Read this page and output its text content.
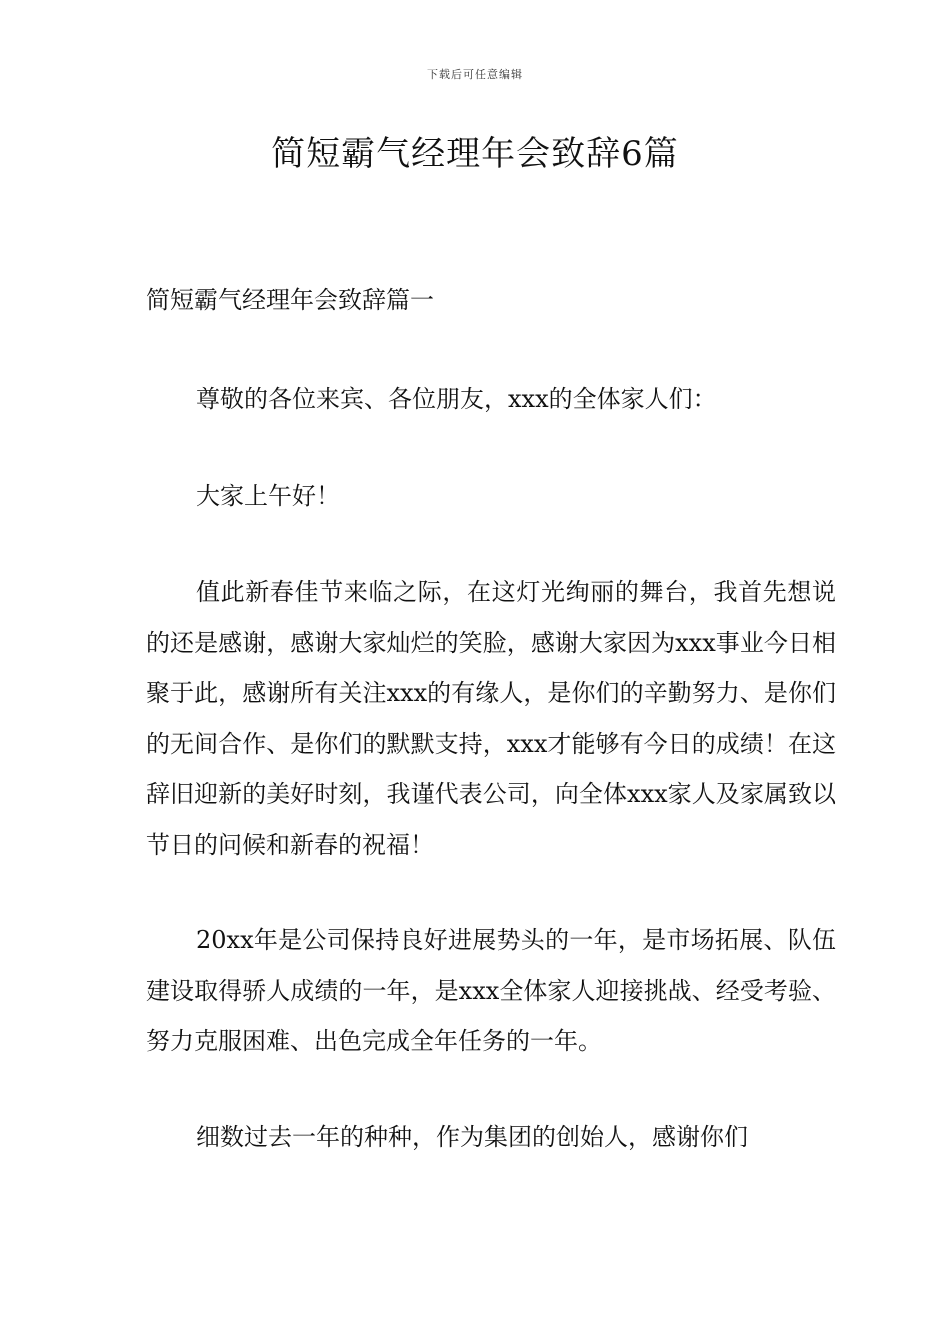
下载后可任意编辑
简短霸气经理年会致辞6篇

简短霸气经理年会致辞篇一

尊敬的各位来宾、各位朋友，xxx的全体家人们：

大家上午好！

值此新春佳节来临之际，在这灯光绚丽的舞台，我首先想说的还是感谢，感谢大家灿烂的笑脸，感谢大家因为xxx事业今日相聚于此，感谢所有关注xxx的有缘人，是你们的辛勤努力、是你们的无间合作、是你们的默默支持，xxx才能够有今日的成绩！在这辞旧迎新的美好时刻，我谨代表公司，向全体xxx家人及家属致以节日的问候和新春的祝福！

20xx年是公司保持良好进展势头的一年，是市场拓展、队伍建设取得骄人成绩的一年，是xxx全体家人迎接挑战、经受考验、努力克服困难、出色完成全年任务的一年。

细数过去一年的种种，作为集团的创始人，感谢你们
